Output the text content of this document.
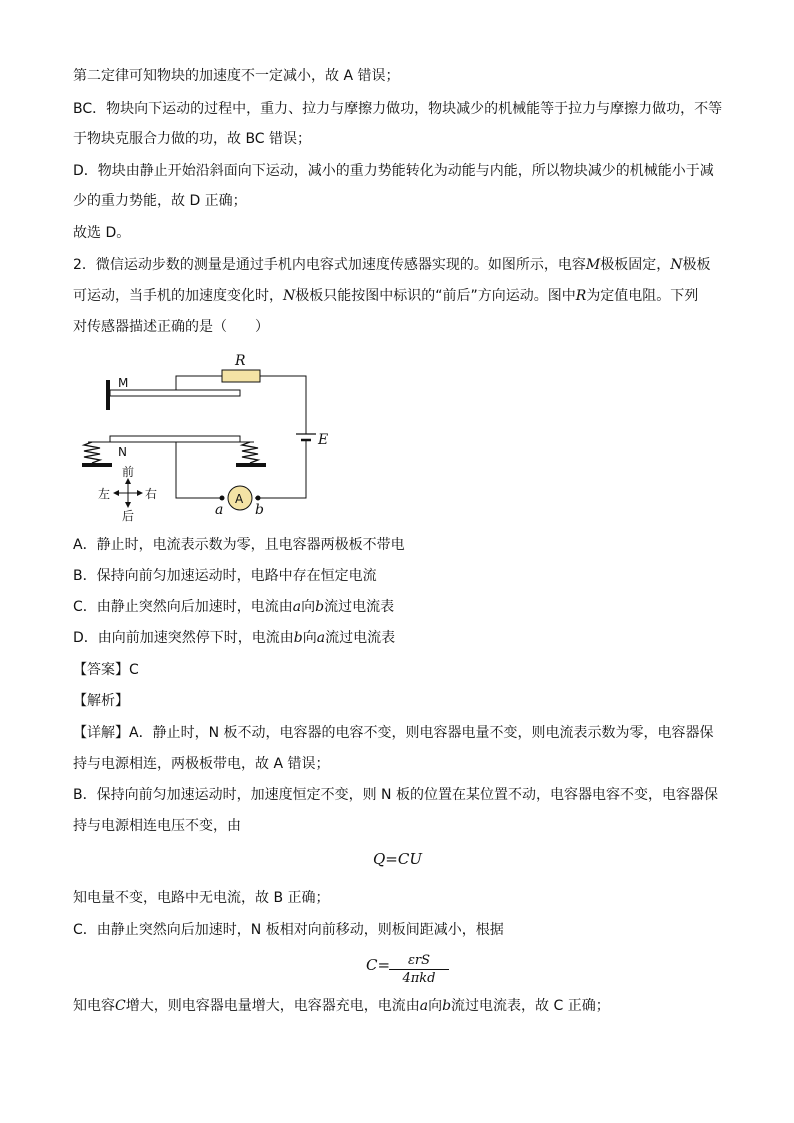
第二定律可知物块的加速度不一定减小，故 A 错误；
BC．物块向下运动的过程中，重力、拉力与摩擦力做功，物块减少的机械能等于拉力与摩擦力做功，不等
于物块克服合力做的功，故 BC 错误；
D．物块由静止开始沿斜面向下运动，减小的重力势能转化为动能与内能，所以物块减少的机械能小于减
少的重力势能，故 D 正确；
故选 D。
2．微信运动步数的测量是通过手机内电容式加速度传感器实现的。如图所示，电容M极板固定，N极板
可运动，当手机的加速度变化时，N极板只能按图中标识的“前后”方向运动。图中R为定值电阻。下列
对传感器描述正确的是（　　）
M
R
E
A
a b
N
前
后
左	右
A．静止时，电流表示数为零，且电容器两极板不带电
B．保持向前匀加速运动时，电路中存在恒定电流
C．由静止突然向后加速时，电流由a向b流过电流表
D．由向前加速突然停下时，电流由b向a流过电流表
【答案】C
【解析】
【详解】A．静止时，N 板不动，电容器的电容不变，则电容器电量不变，则电流表示数为零，电容器保
持与电源相连，两极板带电，故 A 错误；
B．保持向前匀加速运动时，加速度恒定不变，则 N 板的位置在某位置不动，电容器电容不变，电容器保
持与电源相连电压不变，由
Q=CU
知电量不变，电路中无电流，故 B 正确；
C．由静止突然向后加速时，N 板相对向前移动，则板间距减小，根据
C=	εrS
4πkd
知电容C增大，则电容器电量增大，电容器充电，电流由a向b流过电流表，故 C 正确；
